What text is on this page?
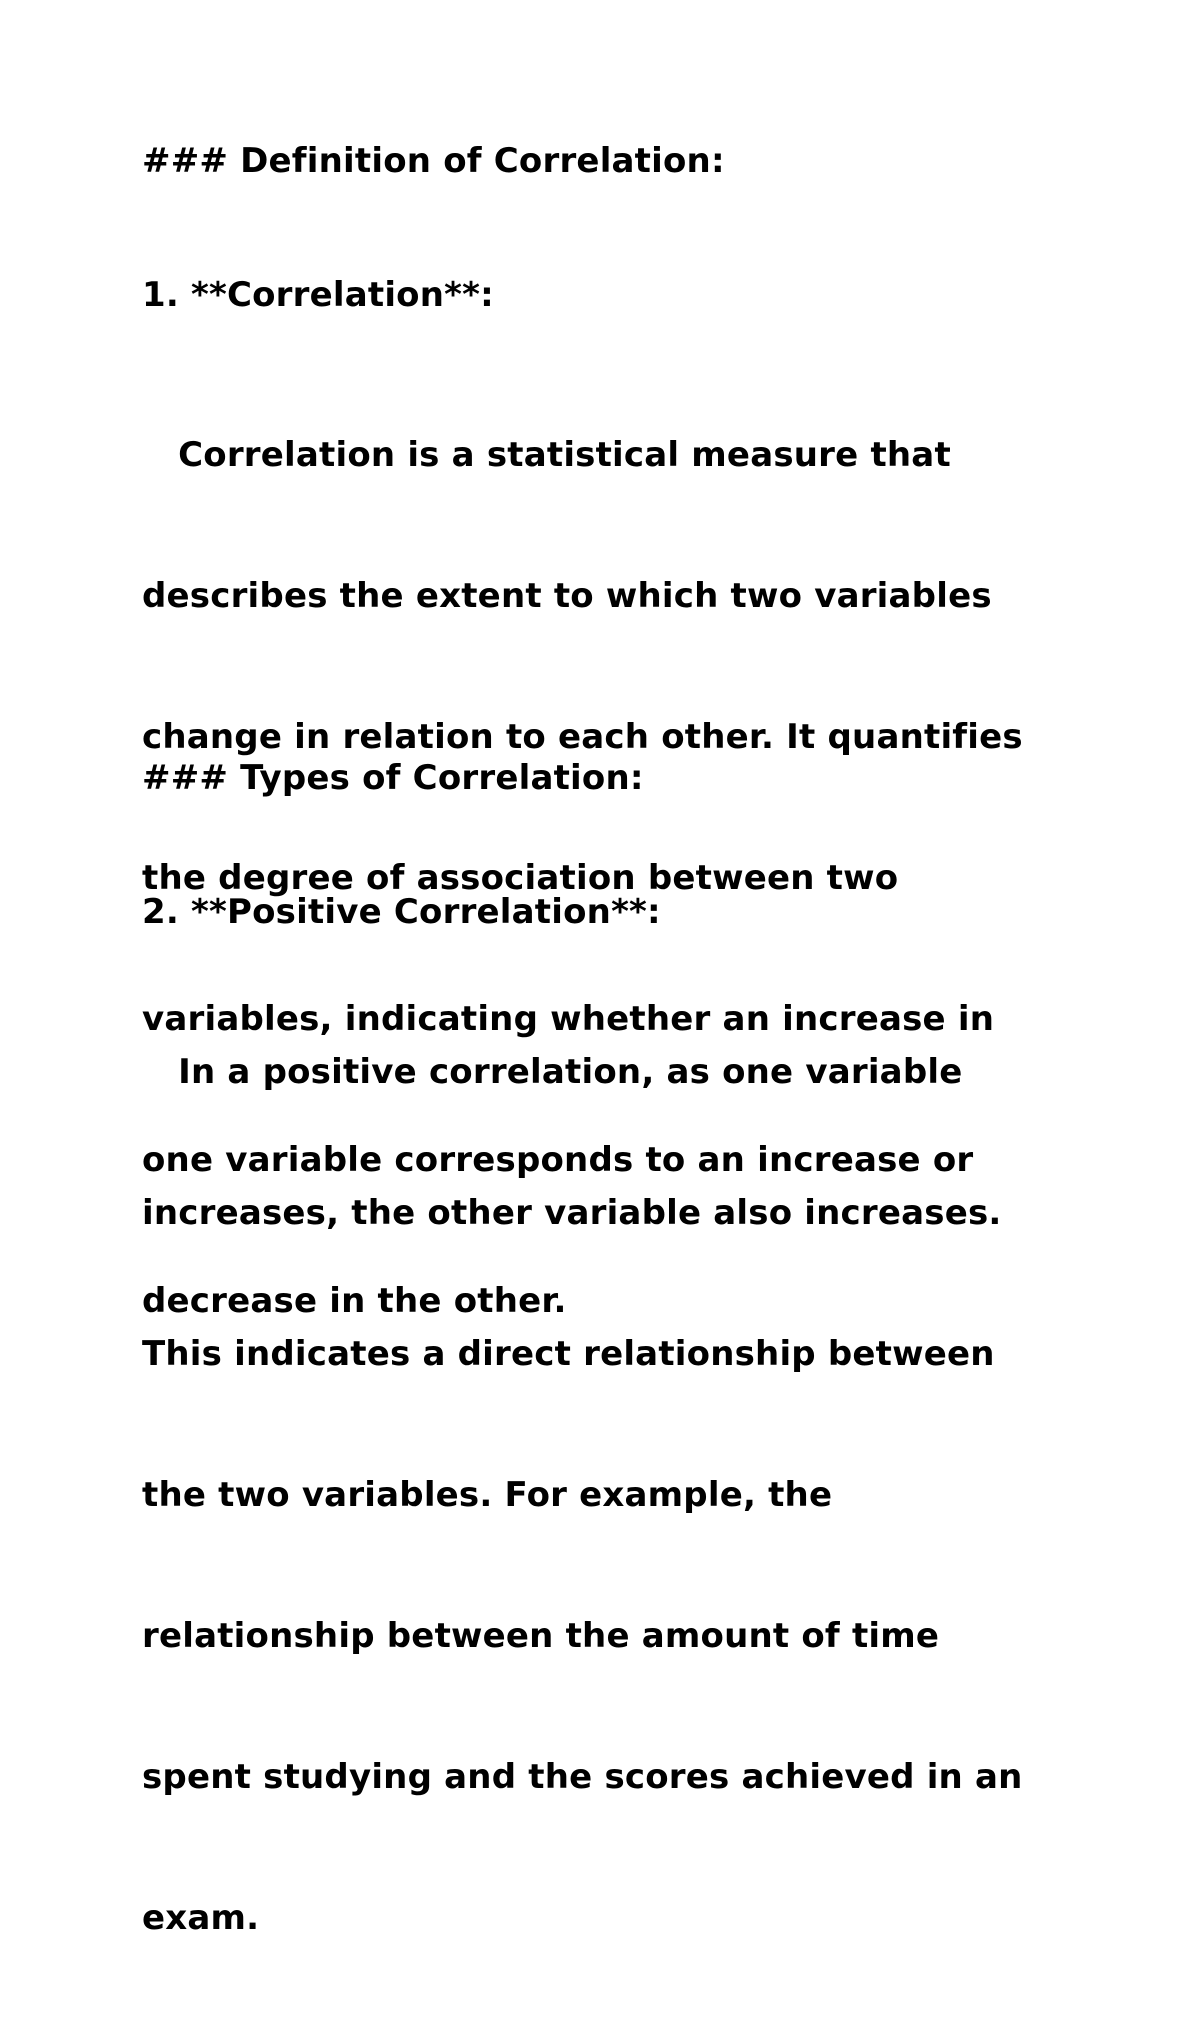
### Definition of Correlation:

1. **Correlation**:

Correlation is a statistical measure that

describes the extent to which two variables

change in relation to each other. It quantifies

the degree of association between two

variables, indicating whether an increase in

one variable corresponds to an increase or

decrease in the other.

### Types of Correlation:

2. **Positive Correlation**:

In a positive correlation, as one variable

increases, the other variable also increases.

This indicates a direct relationship between

the two variables. For example, the

relationship between the amount of time

spent studying and the scores achieved in an

exam.
